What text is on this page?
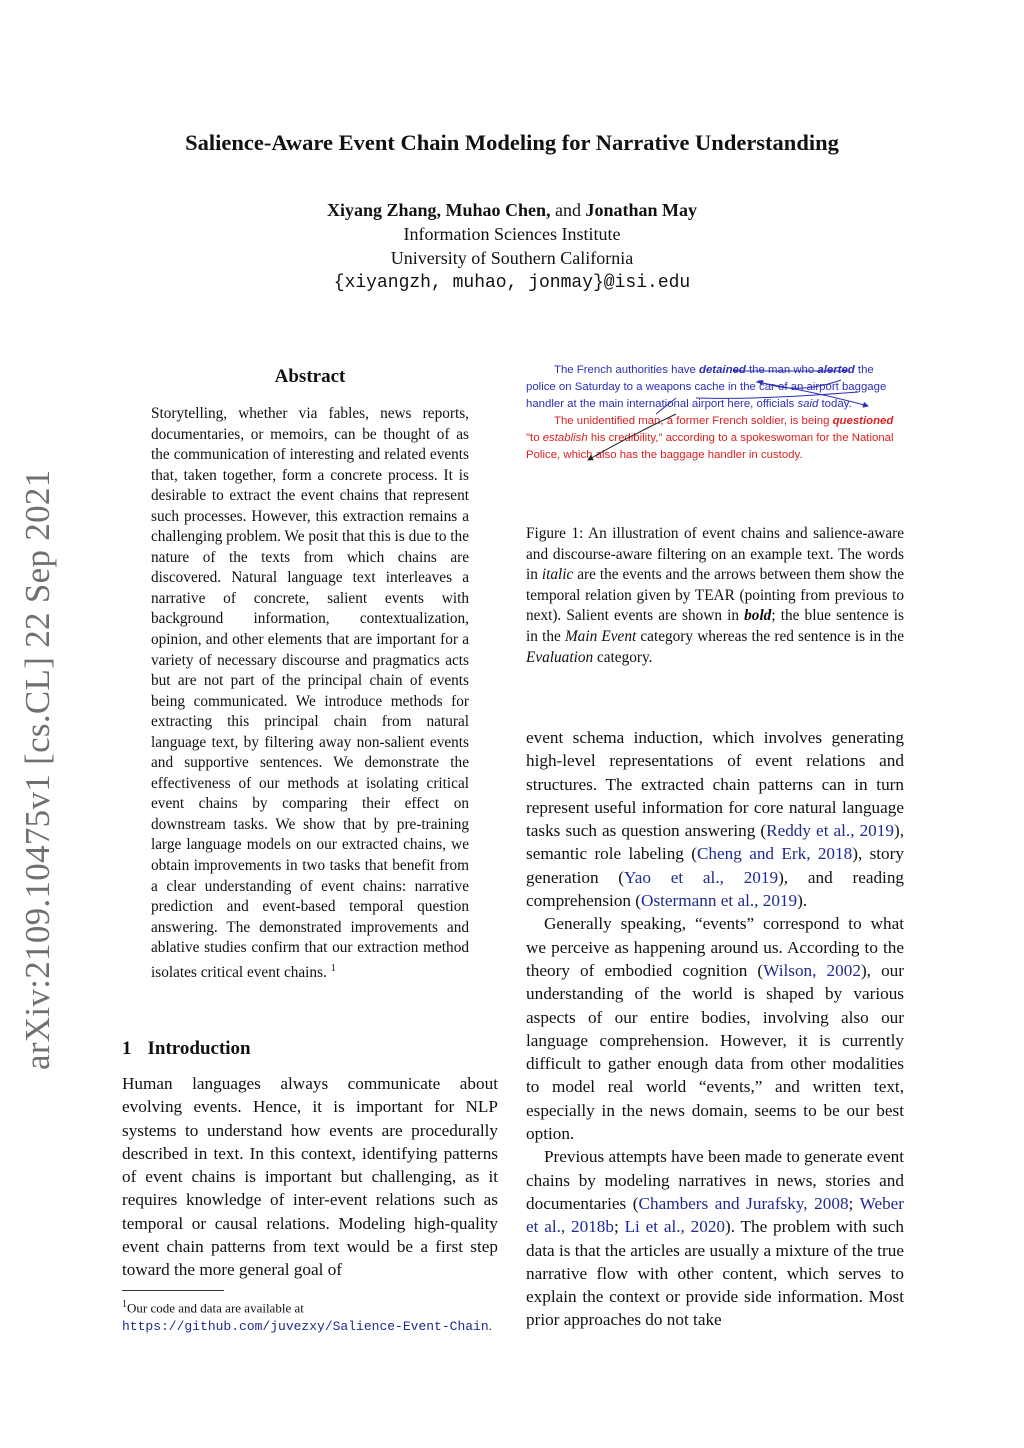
Salience-Aware Event Chain Modeling for Narrative Understanding
Xiyang Zhang, Muhao Chen, and Jonathan May
Information Sciences Institute
University of Southern California
{xiyangzh, muhao, jonmay}@isi.edu
arXiv:2109.10475v1 [cs.CL] 22 Sep 2021
Abstract
Storytelling, whether via fables, news reports, documentaries, or memoirs, can be thought of as the communication of interesting and related events that, taken together, form a concrete process. It is desirable to extract the event chains that represent such processes. However, this extraction remains a challenging problem. We posit that this is due to the nature of the texts from which chains are discovered. Natural language text interleaves a narrative of concrete, salient events with background information, contextualization, opinion, and other elements that are important for a variety of necessary discourse and pragmatics acts but are not part of the principal chain of events being communicated. We introduce methods for extracting this principal chain from natural language text, by filtering away non-salient events and supportive sentences. We demonstrate the effectiveness of our methods at isolating critical event chains by comparing their effect on downstream tasks. We show that by pre-training large language models on our extracted chains, we obtain improvements in two tasks that benefit from a clear understanding of event chains: narrative prediction and event-based temporal question answering. The demonstrated improvements and ablative studies confirm that our extraction method isolates critical event chains. $^1$
1 Introduction
Human languages always communicate about evolving events. Hence, it is important for NLP systems to understand how events are procedurally described in text. In this context, identifying patterns of event chains is important but challenging, as it requires knowledge of inter-event relations such as temporal or causal relations. Modeling high-quality event chain patterns from text would be a first step toward the more general goal of
$^1$Our code and data are available at https://github.com/juvezxy/Salience-Event-Chain.

The French authorities have detained the man who alerted the police on Saturday to a weapons cache in the car of an airport baggage handler at the main international airport here, officials said today.

The unidentified man, a former French soldier, is being questioned "to establish his credibility," according to a spokeswoman for the National Police, which also has the baggage handler in custody.

Figure 1: An illustration of event chains and salience-aware and discourse-aware filtering on an example text. The words in italic are the events and the arrows between them show the temporal relation given by TEAR (pointing from previous to next). Salient events are shown in bold; the blue sentence is in the Main Event category whereas the red sentence is in the Evaluation category.

event schema induction, which involves generating high-level representations of event relations and structures. The extracted chain patterns can in turn represent useful information for core natural language tasks such as question answering (Reddy et al., 2019), semantic role labeling (Cheng and Erk, 2018), story generation (Yao et al., 2019), and reading comprehension (Ostermann et al., 2019).

Generally speaking, “events” correspond to what we perceive as happening around us. According to the theory of embodied cognition (Wilson, 2002), our understanding of the world is shaped by various aspects of our entire bodies, involving also our language comprehension. However, it is currently difficult to gather enough data from other modalities to model real world “events,” and written text, especially in the news domain, seems to be our best option.

Previous attempts have been made to generate event chains by modeling narratives in news, stories and documentaries (Chambers and Jurafsky, 2008; Weber et al., 2018b; Li et al., 2020). The problem with such data is that the articles are usually a mixture of the true narrative flow with other content, which serves to explain the context or provide side information. Most prior approaches do not take
